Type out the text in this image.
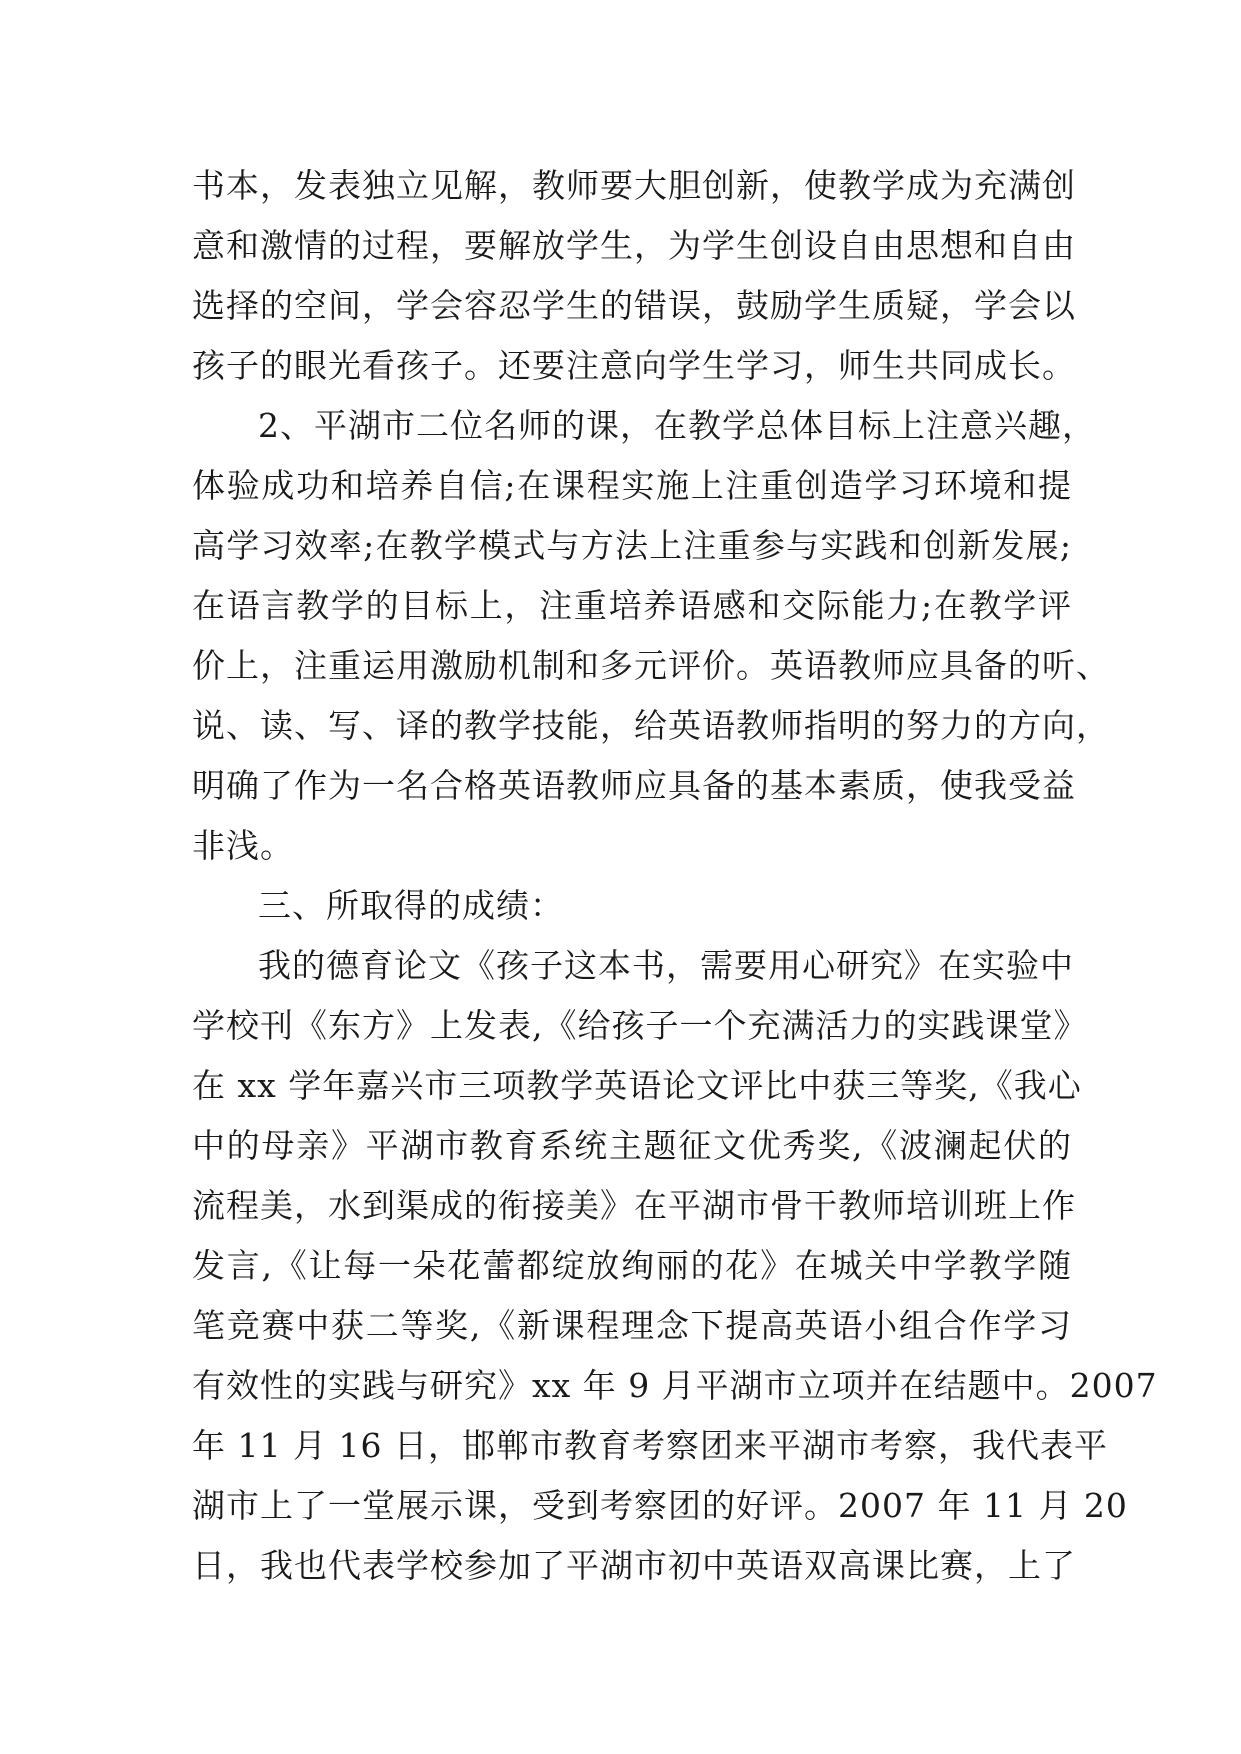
书本，发表独立见解，教师要大胆创新，使教学成为充满创
意和激情的过程，要解放学生，为学生创设自由思想和自由
选择的空间，学会容忍学生的错误，鼓励学生质疑，学会以
孩子的眼光看孩子。还要注意向学生学习，师生共同成长。
2、平湖市二位名师的课，在教学总体目标上注意兴趣，
体验成功和培养自信;在课程实施上注重创造学习环境和提
高学习效率;在教学模式与方法上注重参与实践和创新发展;
在语言教学的目标上，注重培养语感和交际能力;在教学评
价上，注重运用激励机制和多元评价。英语教师应具备的听、
说、读、写、译的教学技能，给英语教师指明的努力的方向，
明确了作为一名合格英语教师应具备的基本素质，使我受益
非浅。
三、所取得的成绩：
我的德育论文《孩子这本书，需要用心研究》在实验中
学校刊《东方》上发表,《给孩子一个充满活力的实践课堂》
在 xx 学年嘉兴市三项教学英语论文评比中获三等奖,《我心
中的母亲》平湖市教育系统主题征文优秀奖,《波澜起伏的
流程美，水到渠成的衔接美》在平湖市骨干教师培训班上作
发言,《让每一朵花蕾都绽放绚丽的花》在城关中学教学随
笔竞赛中获二等奖,《新课程理念下提高英语小组合作学习
有效性的实践与研究》xx 年 9 月平湖市立项并在结题中。2007
年 11 月 16 日，邯郸市教育考察团来平湖市考察，我代表平
湖市上了一堂展示课，受到考察团的好评。2007 年 11 月 20
日，我也代表学校参加了平湖市初中英语双高课比赛，上了
